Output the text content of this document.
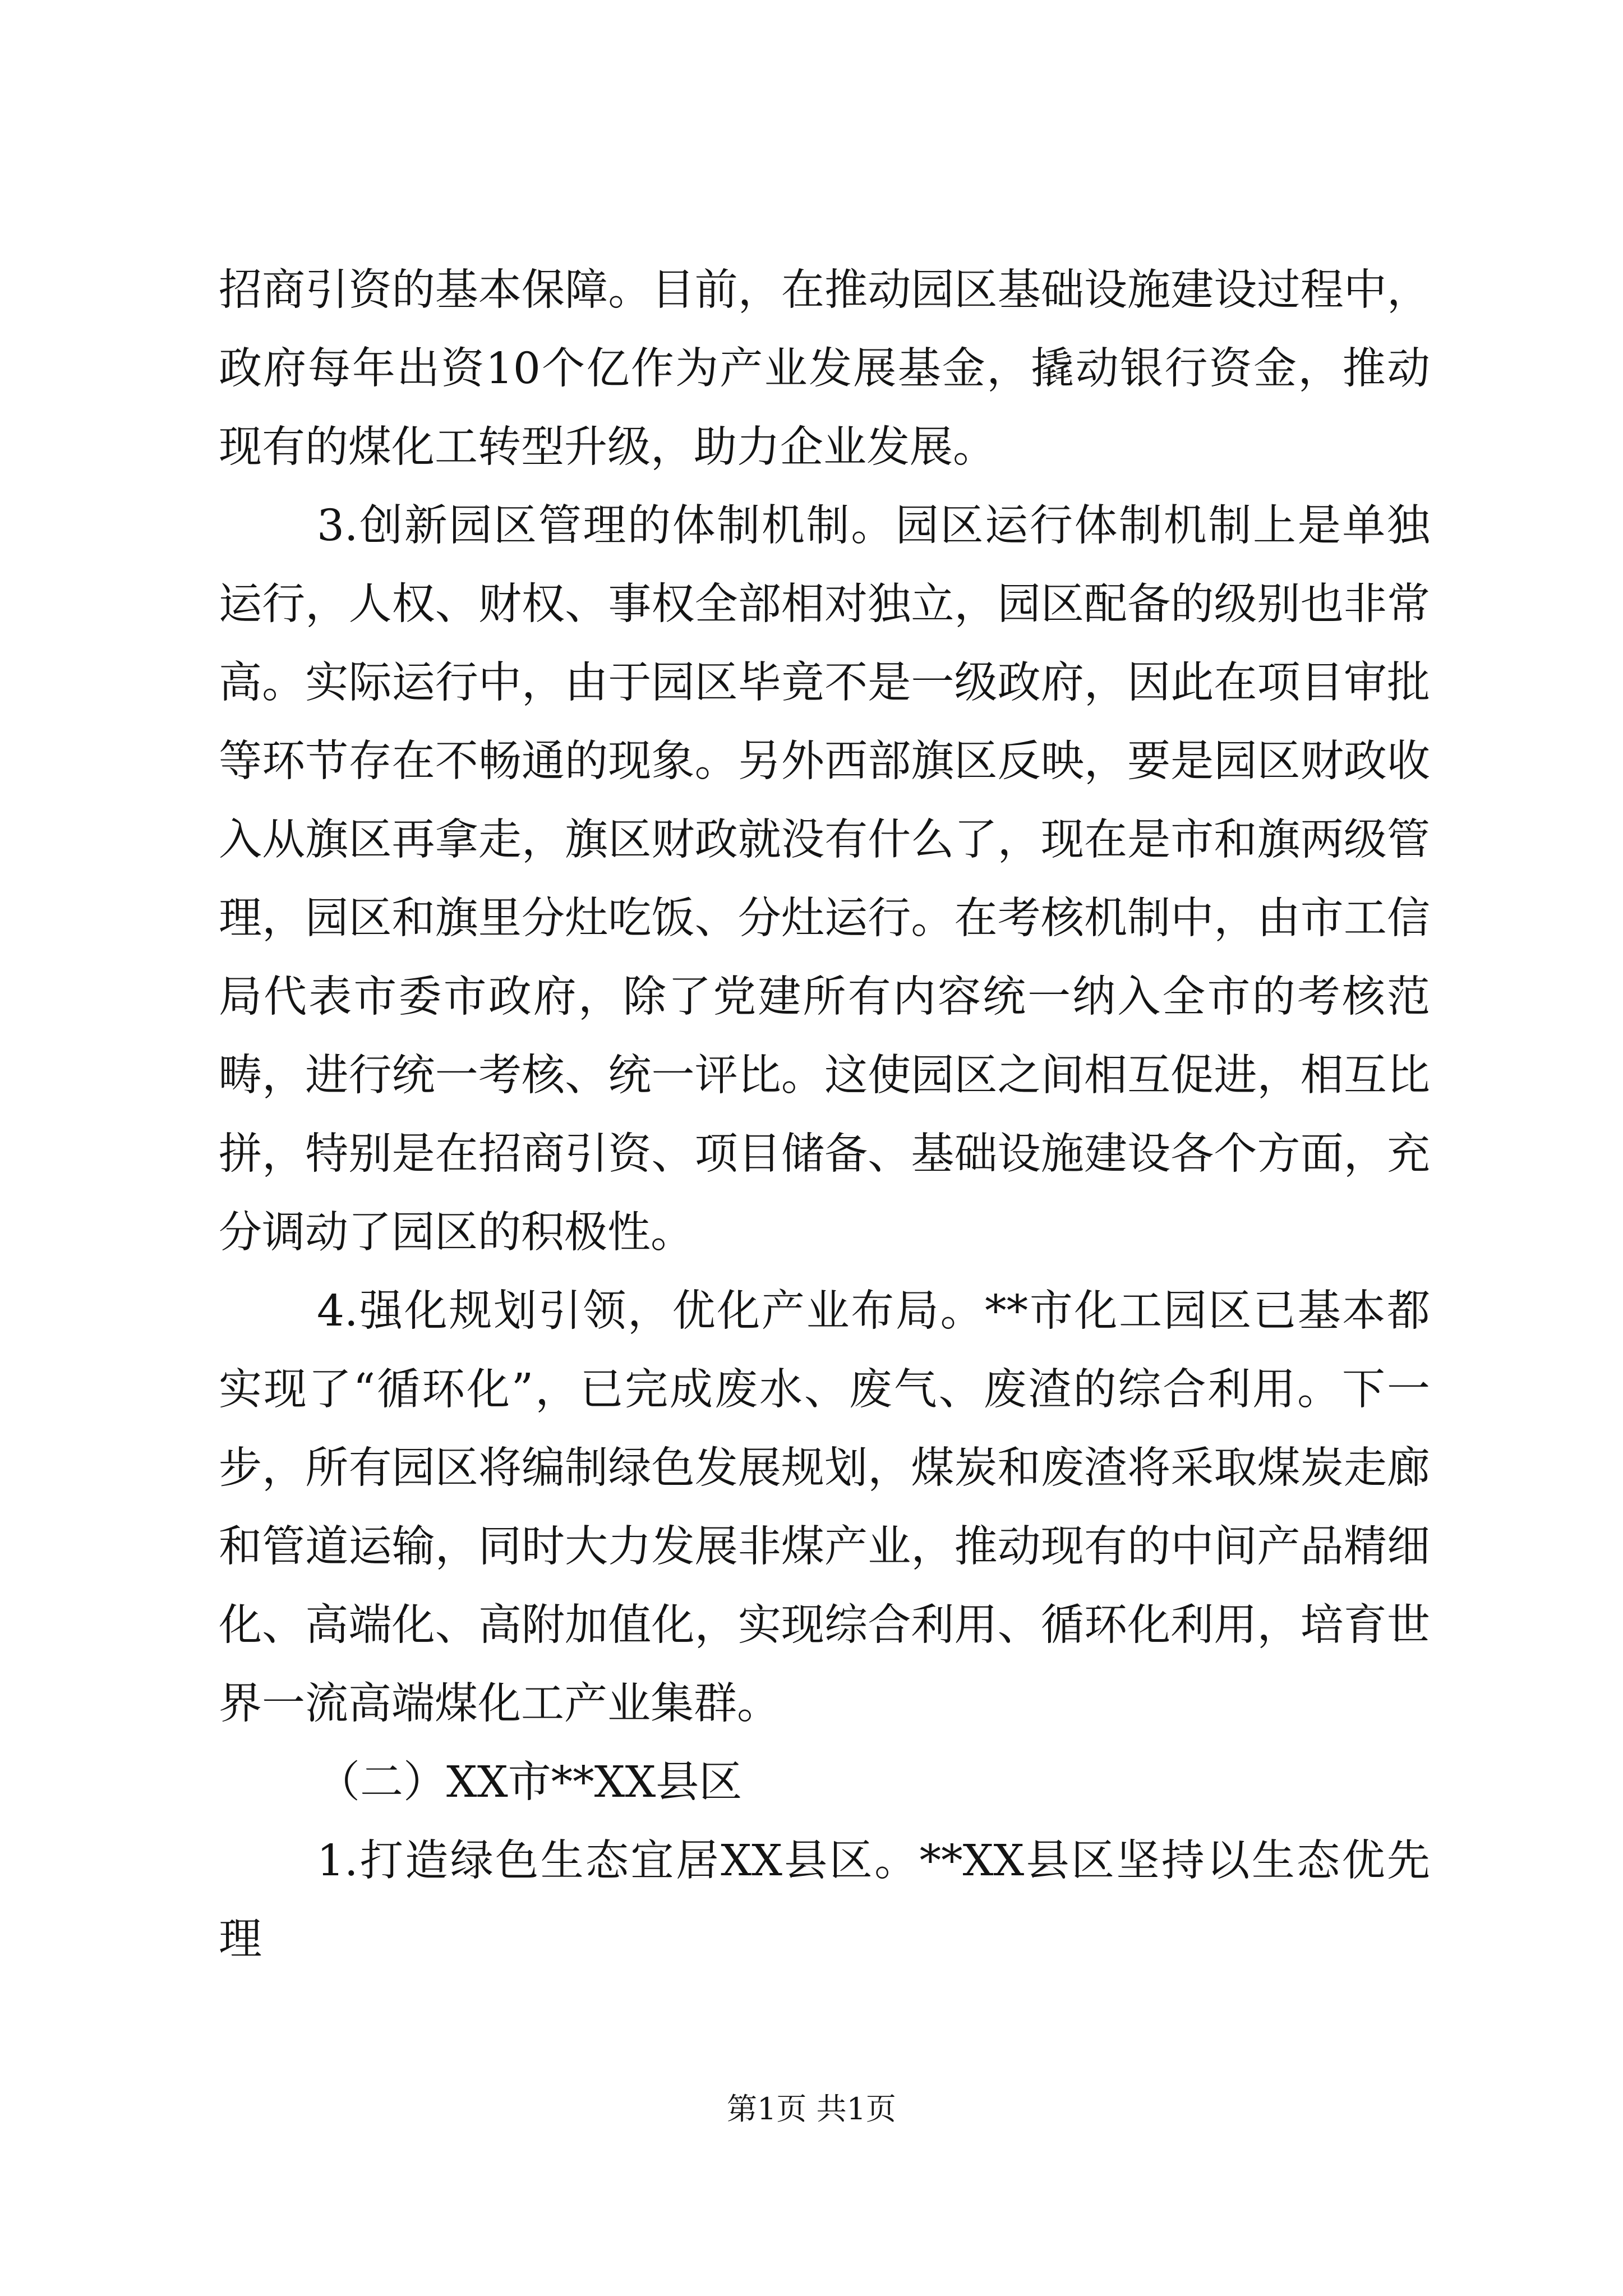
招商引资的基本保障。目前，在推动园区基础设施建设过程中，政府每年出资10个亿作为产业发展基金，撬动银行资金，推动现有的煤化工转型升级，助力企业发展。

3.创新园区管理的体制机制。园区运行体制机制上是单独运行，人权、财权、事权全部相对独立，园区配备的级别也非常高。实际运行中，由于园区毕竟不是一级政府，因此在项目审批等环节存在不畅通的现象。另外西部旗区反映，要是园区财政收入从旗区再拿走，旗区财政就没有什么了，现在是市和旗两级管理，园区和旗里分灶吃饭、分灶运行。在考核机制中，由市工信局代表市委市政府，除了党建所有内容统一纳入全市的考核范畴，进行统一考核、统一评比。这使园区之间相互促进，相互比拼，特别是在招商引资、项目储备、基础设施建设各个方面，充分调动了园区的积极性。

4.强化规划引领，优化产业布局。**市化工园区已基本都实现了“循环化”，已完成废水、废气、废渣的综合利用。下一步，所有园区将编制绿色发展规划，煤炭和废渣将采取煤炭走廊和管道运输，同时大力发展非煤产业，推动现有的中间产品精细化、高端化、高附加值化，实现综合利用、循环化利用，培育世界一流高端煤化工产业集群。

（二）XX市**XX县区

1.打造绿色生态宜居XX县区。**XX县区坚持以生态优先理

第1页 共1页
